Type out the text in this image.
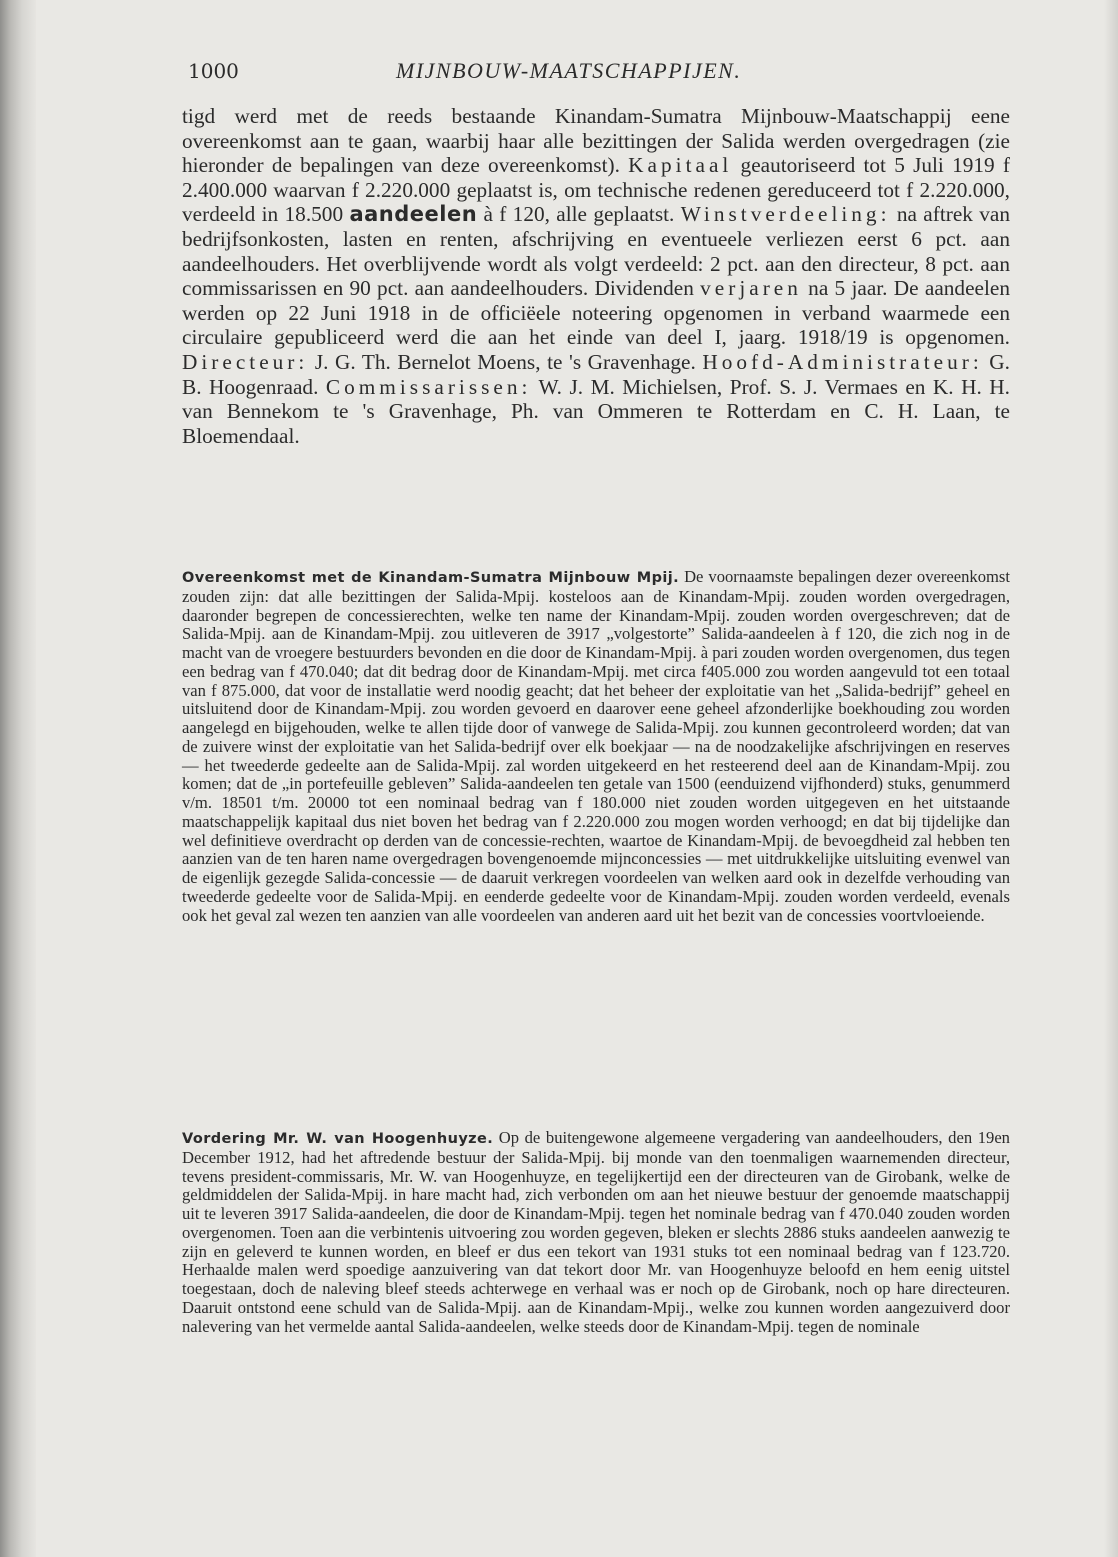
1000	MIJNBOUW-MAATSCHAPPIJEN.

tigd werd met de reeds bestaande Kinandam-Sumatra Mijnbouw-Maatschappij eene overeenkomst aan te gaan, waarbij haar alle bezittingen der Salida werden overgedragen (zie hieronder de bepalingen van deze overeenkomst). Kapitaal geautoriseerd tot 5 Juli 1919 f 2.400.000 waarvan f 2.220.000 geplaatst is, om technische redenen gereduceerd tot f 2.220.000, verdeeld in 18.500 aandeelen à f 120, alle geplaatst. Winstverdeeling: na aftrek van bedrijfsonkosten, lasten en renten, afschrijving en eventueele verliezen eerst 6 pct. aan aandeelhouders. Het overblijvende wordt als volgt verdeeld: 2 pct. aan den directeur, 8 pct. aan commissarissen en 90 pct. aan aandeelhouders. Dividenden verjaren na 5 jaar. De aandeelen werden op 22 Juni 1918 in de officiëele noteering opgenomen in verband waarmede een circulaire gepubliceerd werd die aan het einde van deel I, jaarg. 1918/19 is opgenomen. Directeur: J. G. Th. Bernelot Moens, te 's Gravenhage. Hoofd-Administrateur: G. B. Hoogenraad. Commissarissen: W. J. M. Michielsen, Prof. S. J. Vermaes en K. H. H. van Bennekom te 's Gravenhage, Ph. van Ommeren te Rotterdam en C. H. Laan, te Bloemendaal.

Overeenkomst met de Kinandam-Sumatra Mijnbouw Mpij. De voornaamste bepalingen dezer overeenkomst zouden zijn: dat alle bezittingen der Salida-Mpij. kosteloos aan de Kinandam-Mpij. zouden worden overgedragen, daaronder begrepen de concessierechten, welke ten name der Kinandam-Mpij. zouden worden overgeschreven; dat de Salida-Mpij. aan de Kinandam-Mpij. zou uitleveren de 3917 „volgestorte” Salida-aandeelen à f 120, die zich nog in de macht van de vroegere bestuurders bevonden en die door de Kinandam-Mpij. à pari zouden worden overgenomen, dus tegen een bedrag van f 470.040; dat dit bedrag door de Kinandam-Mpij. met circa f405.000 zou worden aangevuld tot een totaal van f 875.000, dat voor de installatie werd noodig geacht; dat het beheer der exploitatie van het „Salida-bedrijf” geheel en uitsluitend door de Kinandam-Mpij. zou worden gevoerd en daarover eene geheel afzonderlijke boekhouding zou worden aangelegd en bijgehouden, welke te allen tijde door of vanwege de Salida-Mpij. zou kunnen gecontroleerd worden; dat van de zuivere winst der exploitatie van het Salida-bedrijf over elk boekjaar — na de noodzakelijke afschrijvingen en reserves — het tweederde gedeelte aan de Salida-Mpij. zal worden uitgekeerd en het resteerend deel aan de Kinandam-Mpij. zou komen; dat de „in portefeuille gebleven” Salida-aandeelen ten getale van 1500 (eenduizend vijfhonderd) stuks, genummerd v/m. 18501 t/m. 20000 tot een nominaal bedrag van f 180.000 niet zouden worden uitgegeven en het uitstaande maatschappelijk kapitaal dus niet boven het bedrag van f 2.220.000 zou mogen worden verhoogd; en dat bij tijdelijke dan wel definitieve overdracht op derden van de concessie-rechten, waartoe de Kinandam-Mpij. de bevoegdheid zal hebben ten aanzien van de ten haren name overgedragen bovengenoemde mijnconcessies — met uitdrukkelijke uitsluiting evenwel van de eigenlijk gezegde Salida-concessie — de daaruit verkregen voordeelen van welken aard ook in dezelfde verhouding van tweederde gedeelte voor de Salida-Mpij. en eenderde gedeelte voor de Kinandam-Mpij. zouden worden verdeeld, evenals ook het geval zal wezen ten aanzien van alle voordeelen van anderen aard uit het bezit van de concessies voortvloeiende.

Vordering Mr. W. van Hoogenhuyze. Op de buitengewone algemeene vergadering van aandeelhouders, den 19en December 1912, had het aftredende bestuur der Salida-Mpij. bij monde van den toenmaligen waarnemenden directeur, tevens president-commissaris, Mr. W. van Hoogenhuyze, en tegelijkertijd een der directeuren van de Girobank, welke de geldmiddelen der Salida-Mpij. in hare macht had, zich verbonden om aan het nieuwe bestuur der genoemde maatschappij uit te leveren 3917 Salida-aandeelen, die door de Kinandam-Mpij. tegen het nominale bedrag van f 470.040 zouden worden overgenomen. Toen aan die verbintenis uitvoering zou worden gegeven, bleken er slechts 2886 stuks aandeelen aanwezig te zijn en geleverd te kunnen worden, en bleef er dus een tekort van 1931 stuks tot een nominaal bedrag van f 123.720. Herhaalde malen werd spoedige aanzuivering van dat tekort door Mr. van Hoogenhuyze beloofd en hem eenig uitstel toegestaan, doch de naleving bleef steeds achterwege en verhaal was er noch op de Girobank, noch op hare directeuren. Daaruit ontstond eene schuld van de Salida-Mpij. aan de Kinandam-Mpij., welke zou kunnen worden aangezuiverd door nalevering van het vermelde aantal Salida-aandeelen, welke steeds door de Kinandam-Mpij. tegen de nominale
